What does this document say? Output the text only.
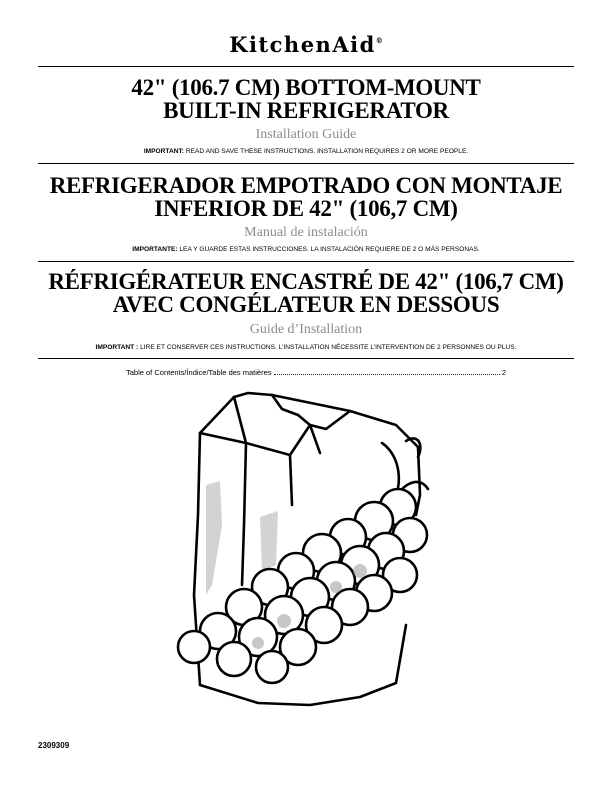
KitchenAid®
42" (106.7 CM) BOTTOM-MOUNT
BUILT-IN REFRIGERATOR
Installation Guide
IMPORTANT: READ AND SAVE THESE INSTRUCTIONS. INSTALLATION REQUIRES 2 OR MORE PEOPLE.
REFRIGERADOR EMPOTRADO CON MONTAJE
INFERIOR DE 42" (106,7 CM)
Manual de instalación
IMPORTANTE: LEA Y GUARDE ESTAS INSTRUCCIONES. LA INSTALACIÓN REQUIERE DE 2 O MÁS PERSONAS.
RÉFRIGÉRATEUR ENCASTRÉ DE 42" (106,7 CM)
AVEC CONGÉLATEUR EN DESSOUS
Guide d’Installation
IMPORTANT : LIRE ET CONSERVER CES INSTRUCTIONS. L’INSTALLATION NÉCESSITE L’INTERVENTION DE 2 PERSONNES OU PLUS.
Table of Contents/Índice/Table des matières	2
2309309
